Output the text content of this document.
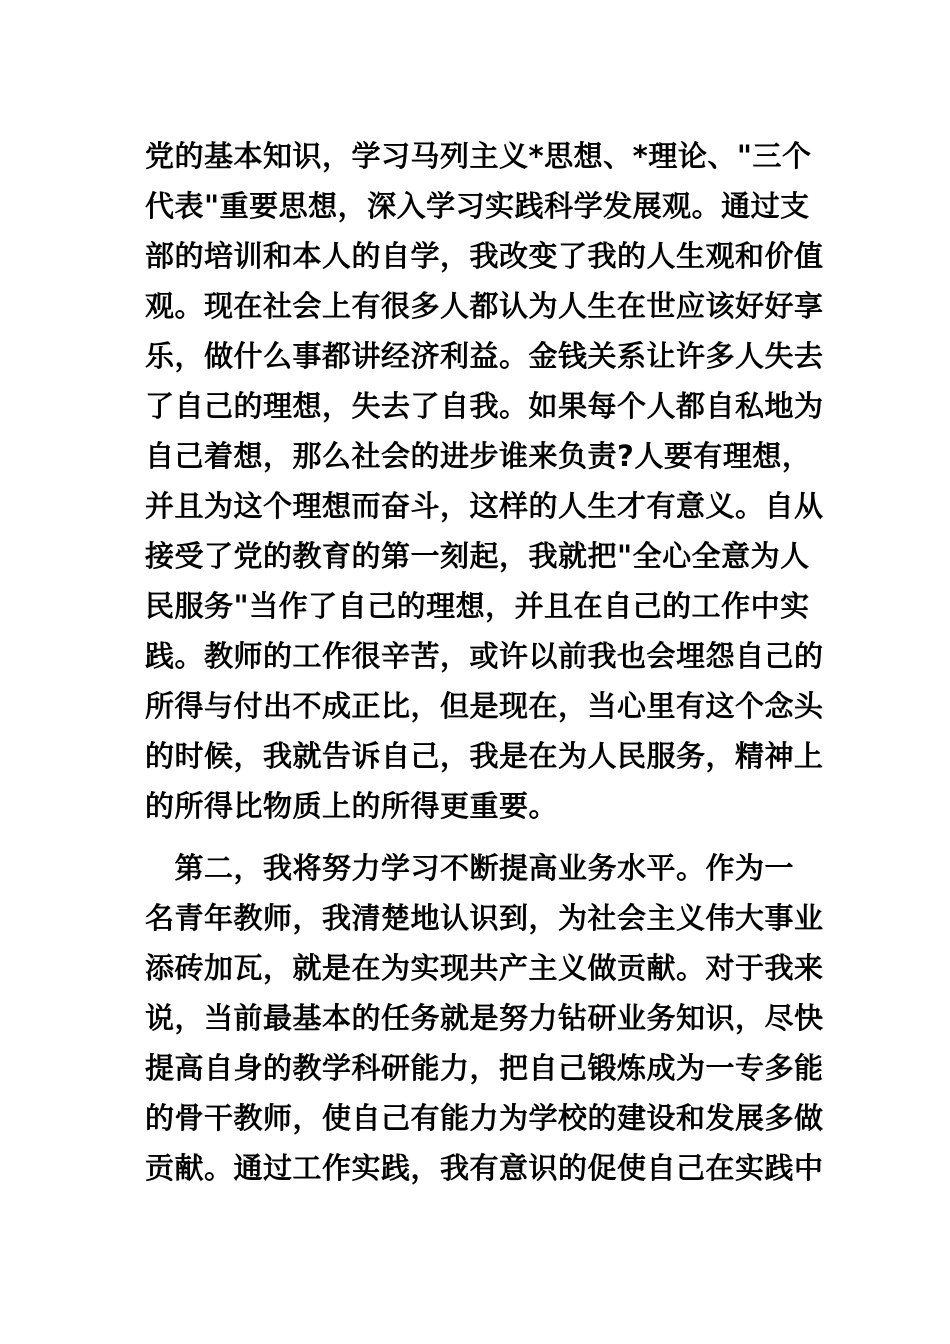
党的基本知识，学习马列主义*思想、*理论、"三个
代表"重要思想，深入学习实践科学发展观。通过支
部的培训和本人的自学，我改变了我的人生观和价值
观。现在社会上有很多人都认为人生在世应该好好享
乐，做什么事都讲经济利益。金钱关系让许多人失去
了自己的理想，失去了自我。如果每个人都自私地为
自己着想，那么社会的进步谁来负责?人要有理想，
并且为这个理想而奋斗，这样的人生才有意义。自从
接受了党的教育的第一刻起，我就把"全心全意为人
民服务"当作了自己的理想，并且在自己的工作中实
践。教师的工作很辛苦，或许以前我也会埋怨自己的
所得与付出不成正比，但是现在，当心里有这个念头
的时候，我就告诉自己，我是在为人民服务，精神上
的所得比物质上的所得更重要。

　第二，我将努力学习不断提高业务水平。作为一
名青年教师，我清楚地认识到，为社会主义伟大事业
添砖加瓦，就是在为实现共产主义做贡献。对于我来
说，当前最基本的任务就是努力钻研业务知识，尽快
提高自身的教学科研能力，把自己锻炼成为一专多能
的骨干教师，使自己有能力为学校的建设和发展多做
贡献。通过工作实践，我有意识的促使自己在实践中
